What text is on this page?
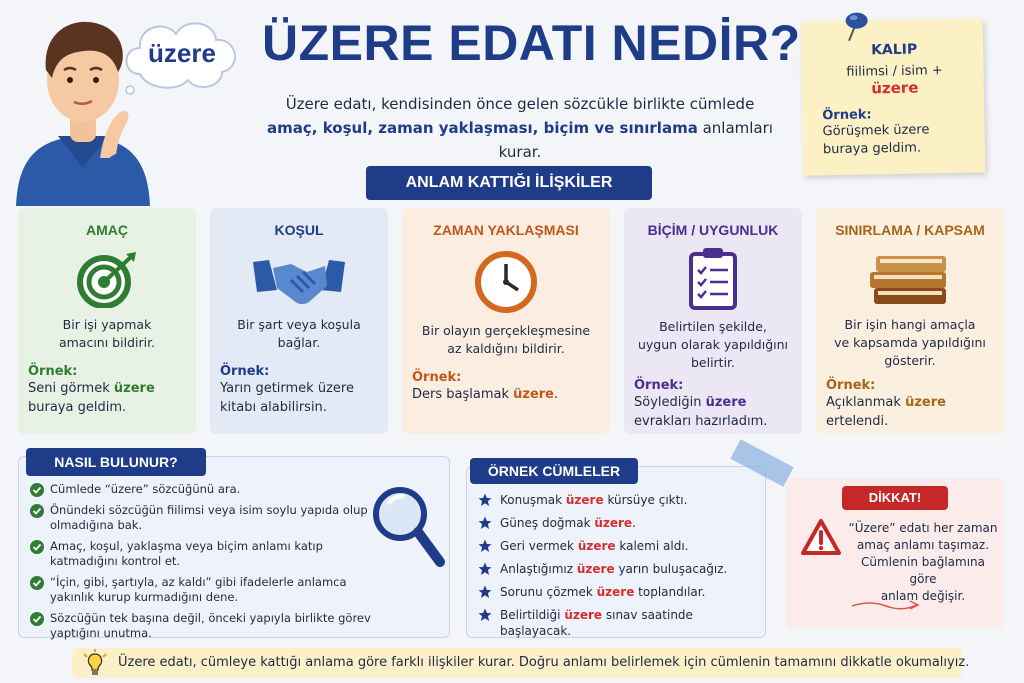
üzere ÜZERE EDATI NEDİR?
Üzere edatı, kendisinden önce gelen sözcükle birlikte cümlede
amaç, koşul, zaman yaklaşması, biçim ve sınırlama anlamları kurar.
KALIP
fiilimsi / isim + üzere
Örnek:
Görüşmek üzere
buraya geldim.
ANLAM KATTIĞI İLİŞKİLER
AMAÇ
Bir işi yapmak
amacını bildirir.
Örnek:
Seni görmek üzere
buraya geldim.
KOŞUL
Bir şart veya koşula
bağlar.
Örnek:
Yarın getirmek üzere
kitabı alabilirsin.
ZAMAN YAKLAŞMASI
Bir olayın gerçekleşmesine
az kaldığını bildirir.
Örnek:
Ders başlamak üzere.
BİÇİM / UYGUNLUK
Belirtilen şekilde,
uygun olarak yapıldığını
belirtir.
Örnek:
Söylediğin üzere
evrakları hazırladım.
SINIRLAMA / KAPSAM
Bir işin hangi amaçla
ve kapsamda yapıldığını
gösterir.
Örnek:
Açıklanmak üzere
ertelendi.
NASIL BULUNUR?
Cümlede “üzere” sözcüğünü ara.
Önündeki sözcüğün fiilimsi veya isim soylu yapıda olup olmadığına bak.
Amaç, koşul, yaklaşma veya biçim anlamı katıp katmadığını kontrol et.
“İçin, gibi, şartıyla, az kaldı” gibi ifadelerle anlamca yakınlık kurup kurmadığını dene.
Sözcüğün tek başına değil, önceki yapıyla birlikte görev yaptığını unutma.
ÖRNEK CÜMLELER
Konuşmak üzere kürsüye çıktı.
Güneş doğmak üzere.
Geri vermek üzere kalemi aldı.
Anlaştığımız üzere yarın buluşacağız.
Sorunu çözmek üzere toplandılar.
Belirtildiği üzere sınav saatinde başlayacak.
DİKKAT!
“Üzere” edatı her zaman
amaç anlamı taşımaz.
Cümlenin bağlamına göre
anlam değişir.
Üzere edatı, cümleye kattığı anlama göre farklı ilişkiler kurar. Doğru anlamı belirlemek için cümlenin tamamını dikkatle okumalıyız.
